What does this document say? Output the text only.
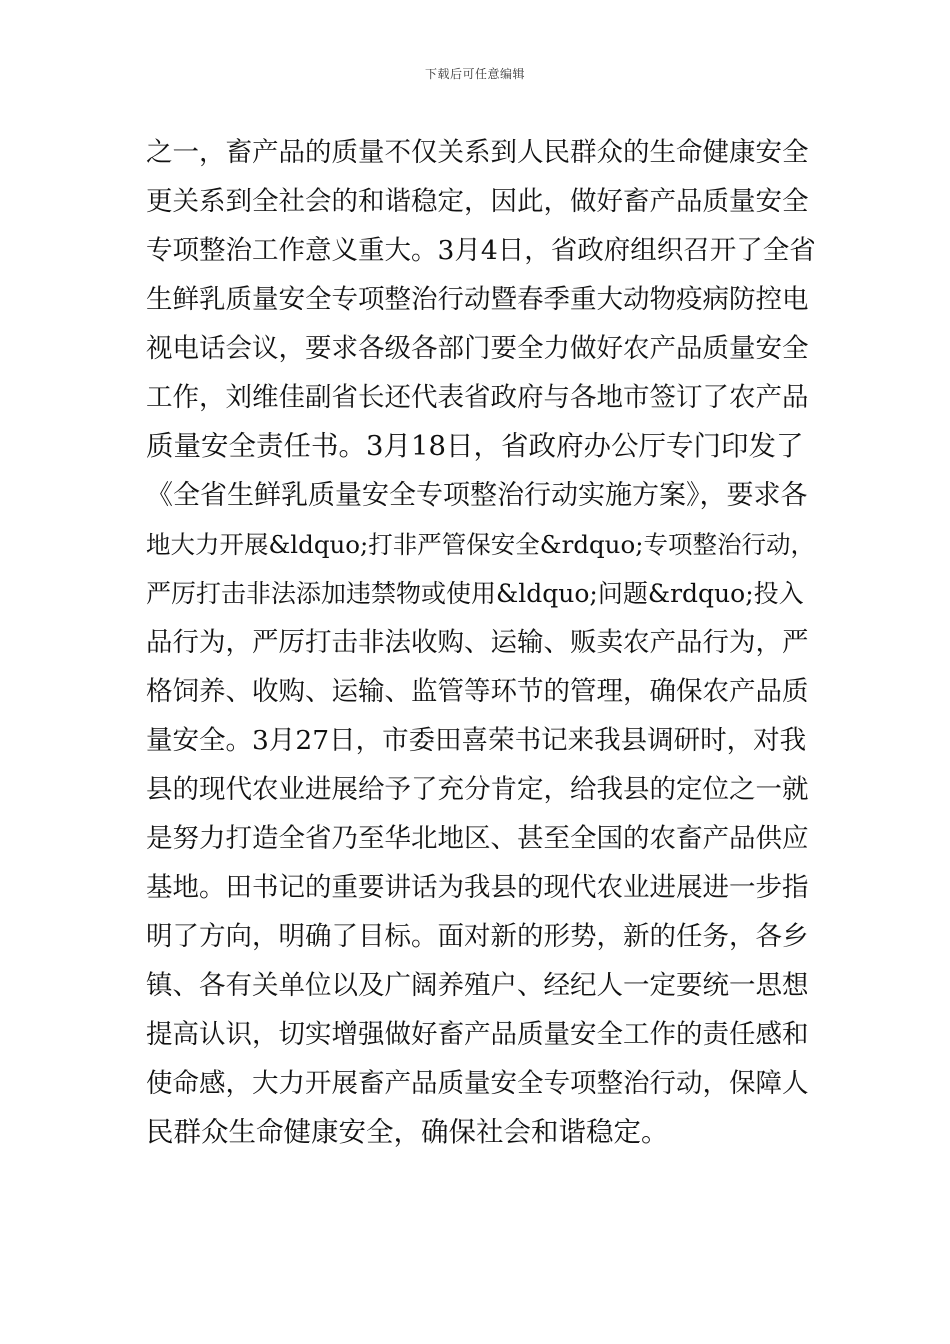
下载后可任意编辑
之一，畜产品的质量不仅关系到人民群众的生命健康安全
更关系到全社会的和谐稳定，因此，做好畜产品质量安全
专项整治工作意义重大。3月4日，省政府组织召开了全省
生鲜乳质量安全专项整治行动暨春季重大动物疫病防控电
视电话会议，要求各级各部门要全力做好农产品质量安全
工作，刘维佳副省长还代表省政府与各地市签订了农产品
质量安全责任书。3月18日，省政府办公厅专门印发了
《全省生鲜乳质量安全专项整治行动实施方案》，要求各
地大力开展&ldquo;打非严管保安全&rdquo;专项整治行动，
严厉打击非法添加违禁物或使用&ldquo;问题&rdquo;投入
品行为，严厉打击非法收购、运输、贩卖农产品行为，严
格饲养、收购、运输、监管等环节的管理，确保农产品质
量安全。3月27日，市委田喜荣书记来我县调研时，对我
县的现代农业进展给予了充分肯定，给我县的定位之一就
是努力打造全省乃至华北地区、甚至全国的农畜产品供应
基地。田书记的重要讲话为我县的现代农业进展进一步指
明了方向，明确了目标。面对新的形势，新的任务，各乡
镇、各有关单位以及广阔养殖户、经纪人一定要统一思想
提高认识，切实增强做好畜产品质量安全工作的责任感和
使命感，大力开展畜产品质量安全专项整治行动，保障人
民群众生命健康安全，确保社会和谐稳定。
